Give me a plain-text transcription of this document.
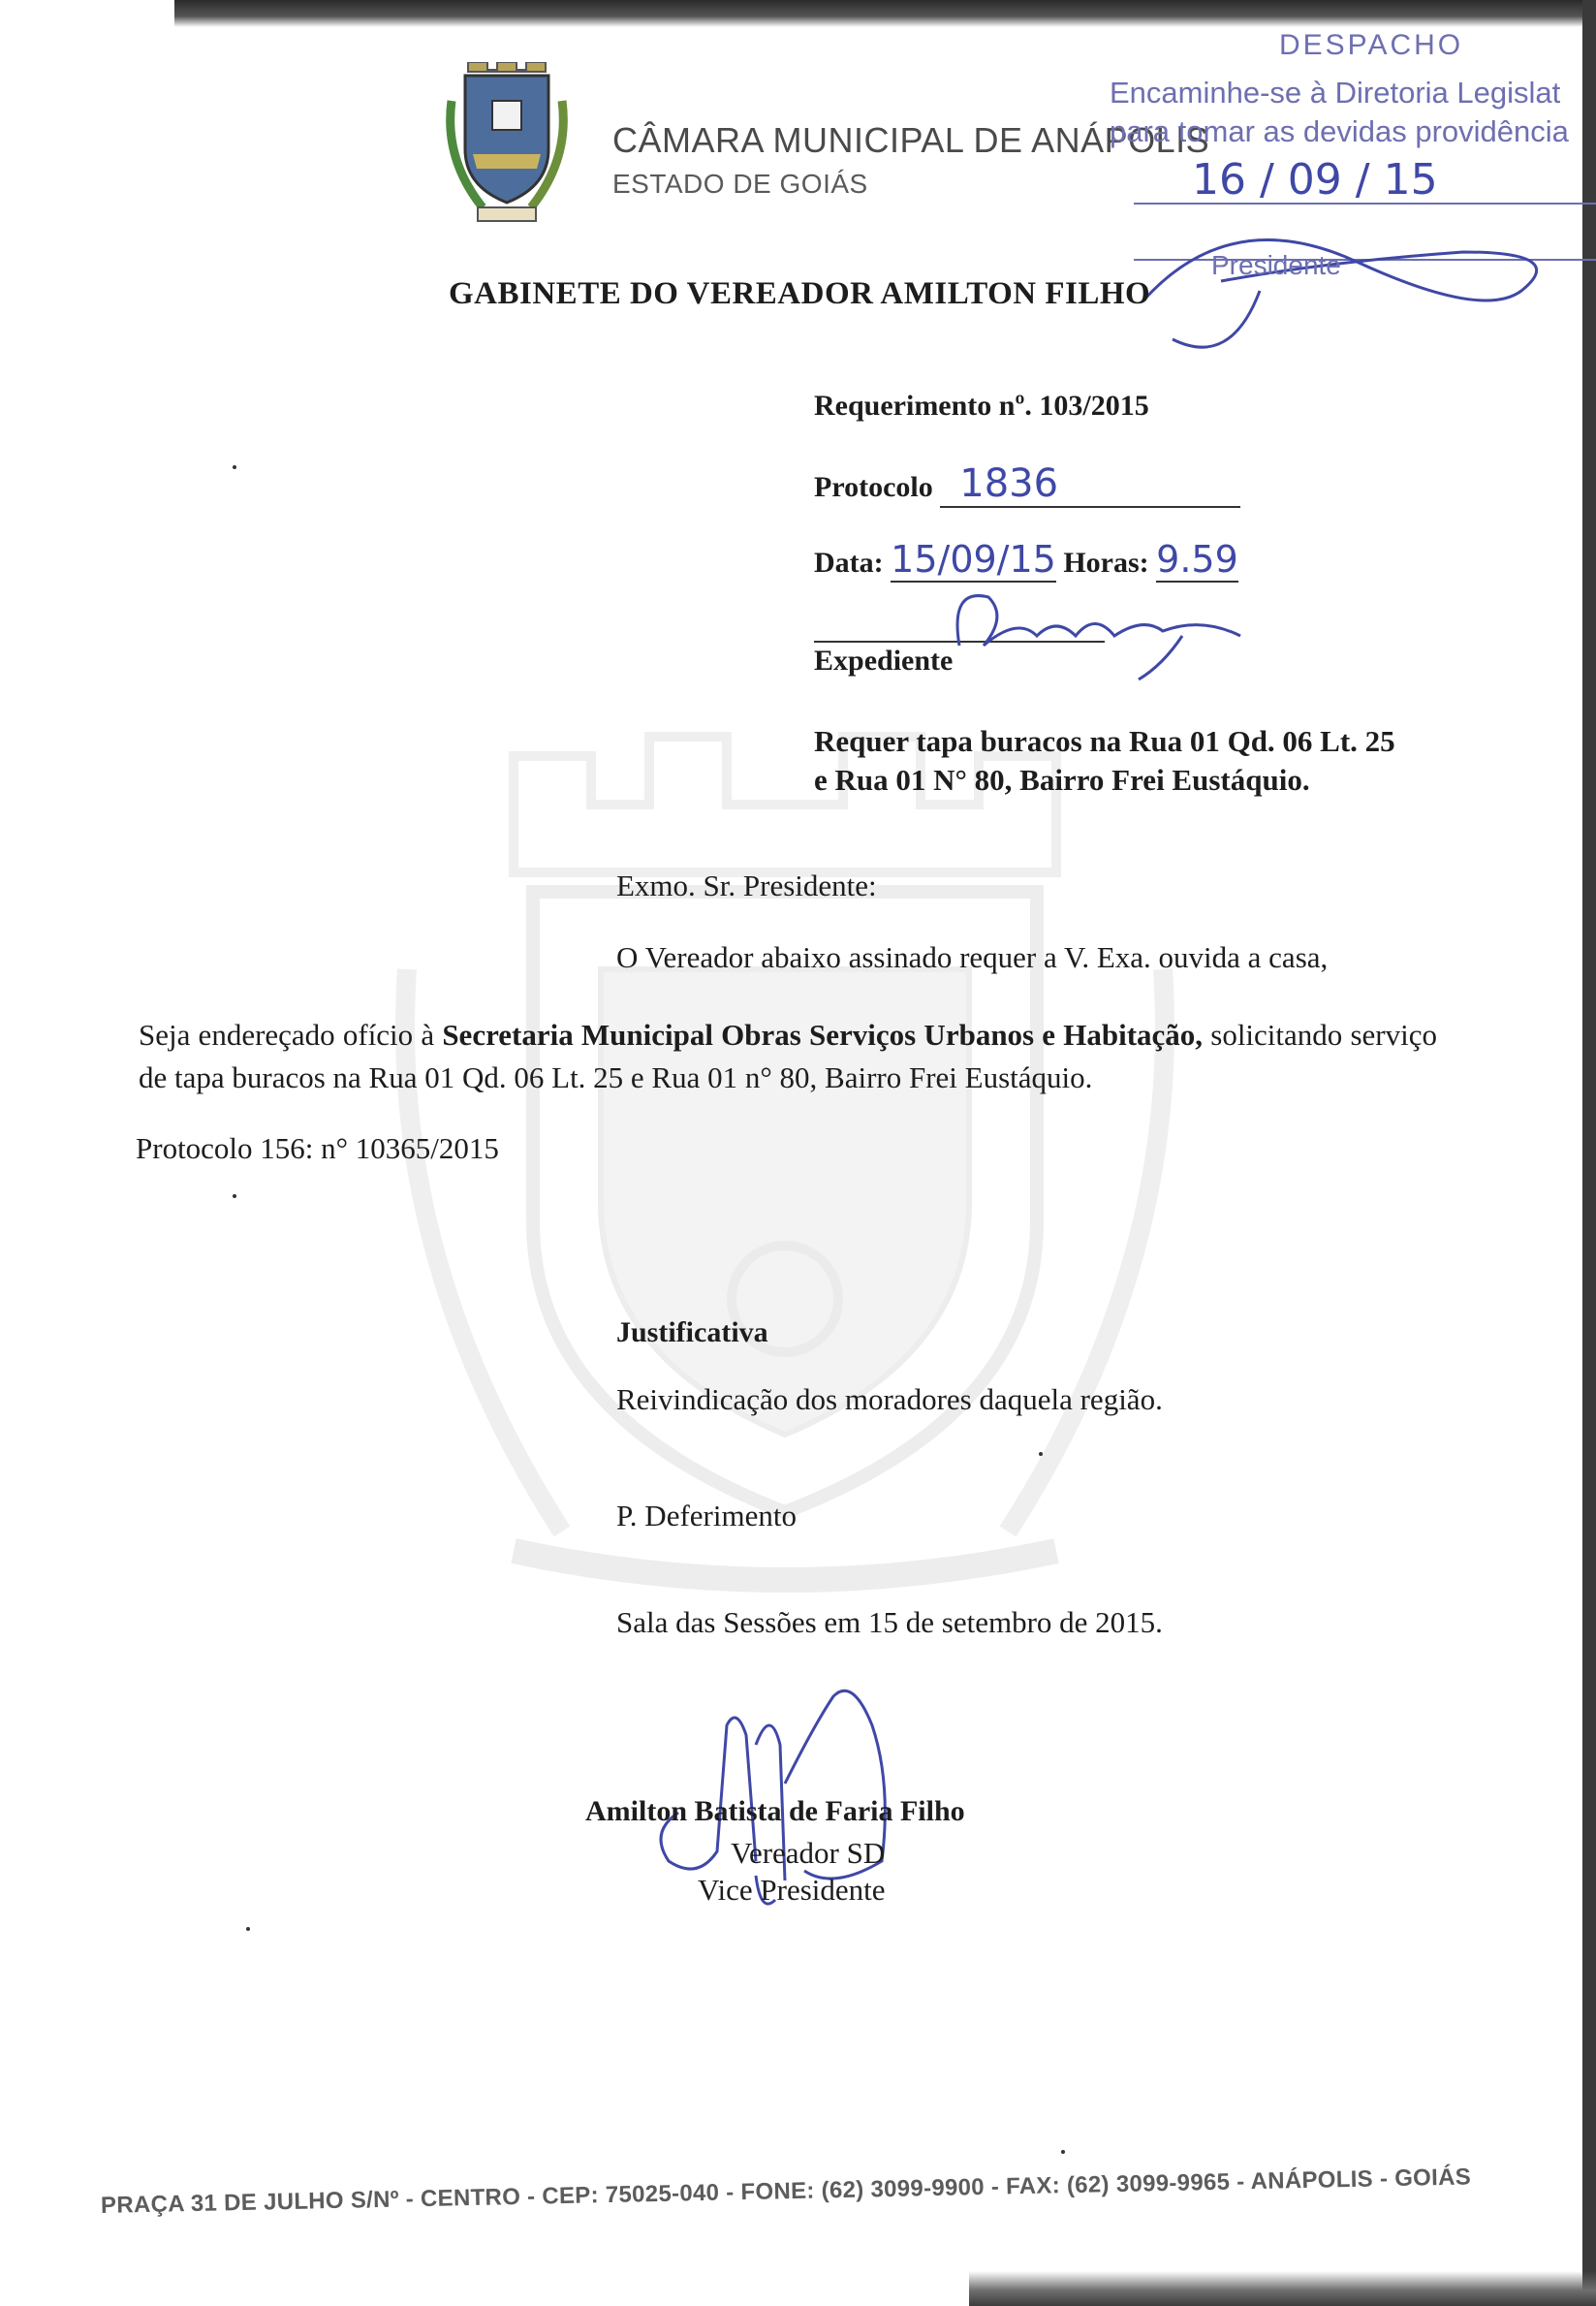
CÂMARA MUNICIPAL DE ANÁPOLIS
ESTADO DE GOIÁS
DESPACHO
Encaminhe-se à Diretoria Legislat
para tomar as devidas providência
16 / 09 / 15
Presidente
GABINETE DO VEREADOR AMILTON FILHO
Requerimento nº. 103/2015
Protocolo 1836
Data: 15/09/15 Horas: 9.59
Expediente
Requer tapa buracos na Rua 01 Qd. 06 Lt. 25 e Rua 01 N° 80, Bairro Frei Eustáquio.
Exmo. Sr. Presidente:
O Vereador abaixo assinado requer a V. Exa. ouvida a casa,
Seja endereçado ofício à Secretaria Municipal Obras Serviços Urbanos e Habitação, solicitando serviço de tapa buracos na Rua 01 Qd. 06 Lt. 25 e Rua 01 n° 80, Bairro Frei Eustáquio.
Protocolo 156: n° 10365/2015
Justificativa
Reivindicação dos moradores daquela região.
P. Deferimento
Sala das Sessões em 15 de setembro de 2015.
Amilton Batista de Faria Filho
Vereador SD
Vice Presidente
PRAÇA 31 DE JULHO S/Nº - CENTRO - CEP: 75025-040 - FONE: (62) 3099-9900 - FAX: (62) 3099-9965 - ANÁPOLIS - GOIÁS
